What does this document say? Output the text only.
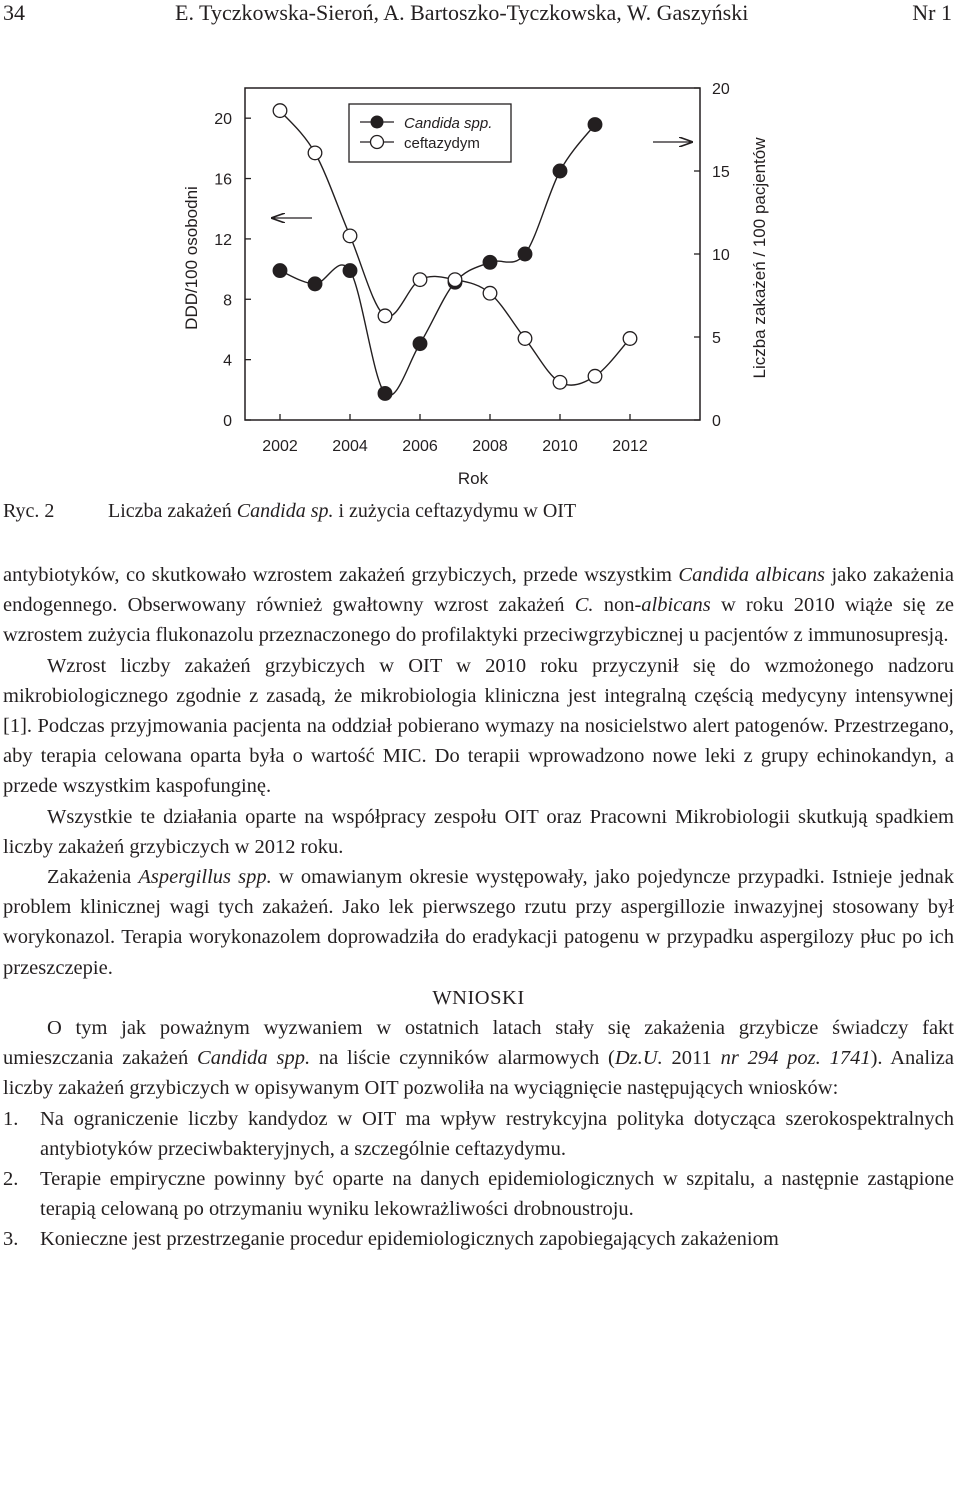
34	E. Tyczkowska-Sieroń, A. Bartoszko-Tyczkowska, W. Gaszyński	Nr 1
2002 2004 2006 2008 2010 2012
0
4
8
12
16
20
0
5
10
15
20
DDD/100 osobodni	Liczba zakażeń / 100 pacjentów
Rok
Candida spp.
ceftazydym
Ryc. 2	Liczba zakażeń Candida sp. i zużycia ceftazydymu w OIT

antybiotyków, co skutkowało wzrostem zakażeń grzybiczych, przede wszystkim Candida albicans jako zakażenia endogennego. Obserwowany również gwałtowny wzrost zakażeń C. non-albicans w roku 2010 wiąże się ze wzrostem zużycia flukonazolu przeznaczonego do profilaktyki przeciwgrzybicznej u pacjentów z immunosupresją.

Wzrost liczby zakażeń grzybiczych w OIT w 2010 roku przyczynił się do wzmożonego nadzoru mikrobiologicznego zgodnie z zasadą, że mikrobiologia kliniczna jest integralną częścią medycyny intensywnej [1]. Podczas przyjmowania pacjenta na oddział pobierano wymazy na nosicielstwo alert patogenów. Przestrzegano, aby terapia celowana oparta była o wartość MIC. Do terapii wprowadzono nowe leki z grupy echinokandyn, a przede wszystkim kaspofunginę.

Wszystkie te działania oparte na współpracy zespołu OIT oraz Pracowni Mikrobiologii skutkują spadkiem liczby zakażeń grzybiczych w 2012 roku.

Zakażenia Aspergillus spp. w omawianym okresie występowały, jako pojedyncze przypadki. Istnieje jednak problem klinicznej wagi tych zakażeń. Jako lek pierwszego rzutu przy aspergillozie inwazyjnej stosowany był worykonazol. Terapia worykonazolem doprowadziła do eradykacji patogenu w przypadku aspergilozy płuc po ich przeszczepie.

WNIOSKI

O tym jak poważnym wyzwaniem w ostatnich latach stały się zakażenia grzybicze świadczy fakt umieszczania zakażeń Candida spp. na liście czynników alarmowych (Dz.U. 2011 nr 294 poz. 1741). Analiza liczby zakażeń grzybiczych w opisywanym OIT pozwoliła na wyciągnięcie następujących wniosków:

1. Na ograniczenie liczby kandydoz w OIT ma wpływ restrykcyjna polityka dotycząca szerokospektralnych antybiotyków przeciwbakteryjnych, a szczególnie ceftazydymu.
2. Terapie empiryczne powinny być oparte na danych epidemiologicznych w szpitalu, a następnie zastąpione terapią celowaną po otrzymaniu wyniku lekowrażliwości drobnoustroju.
3. Konieczne jest przestrzeganie procedur epidemiologicznych zapobiegających zakażeniom
